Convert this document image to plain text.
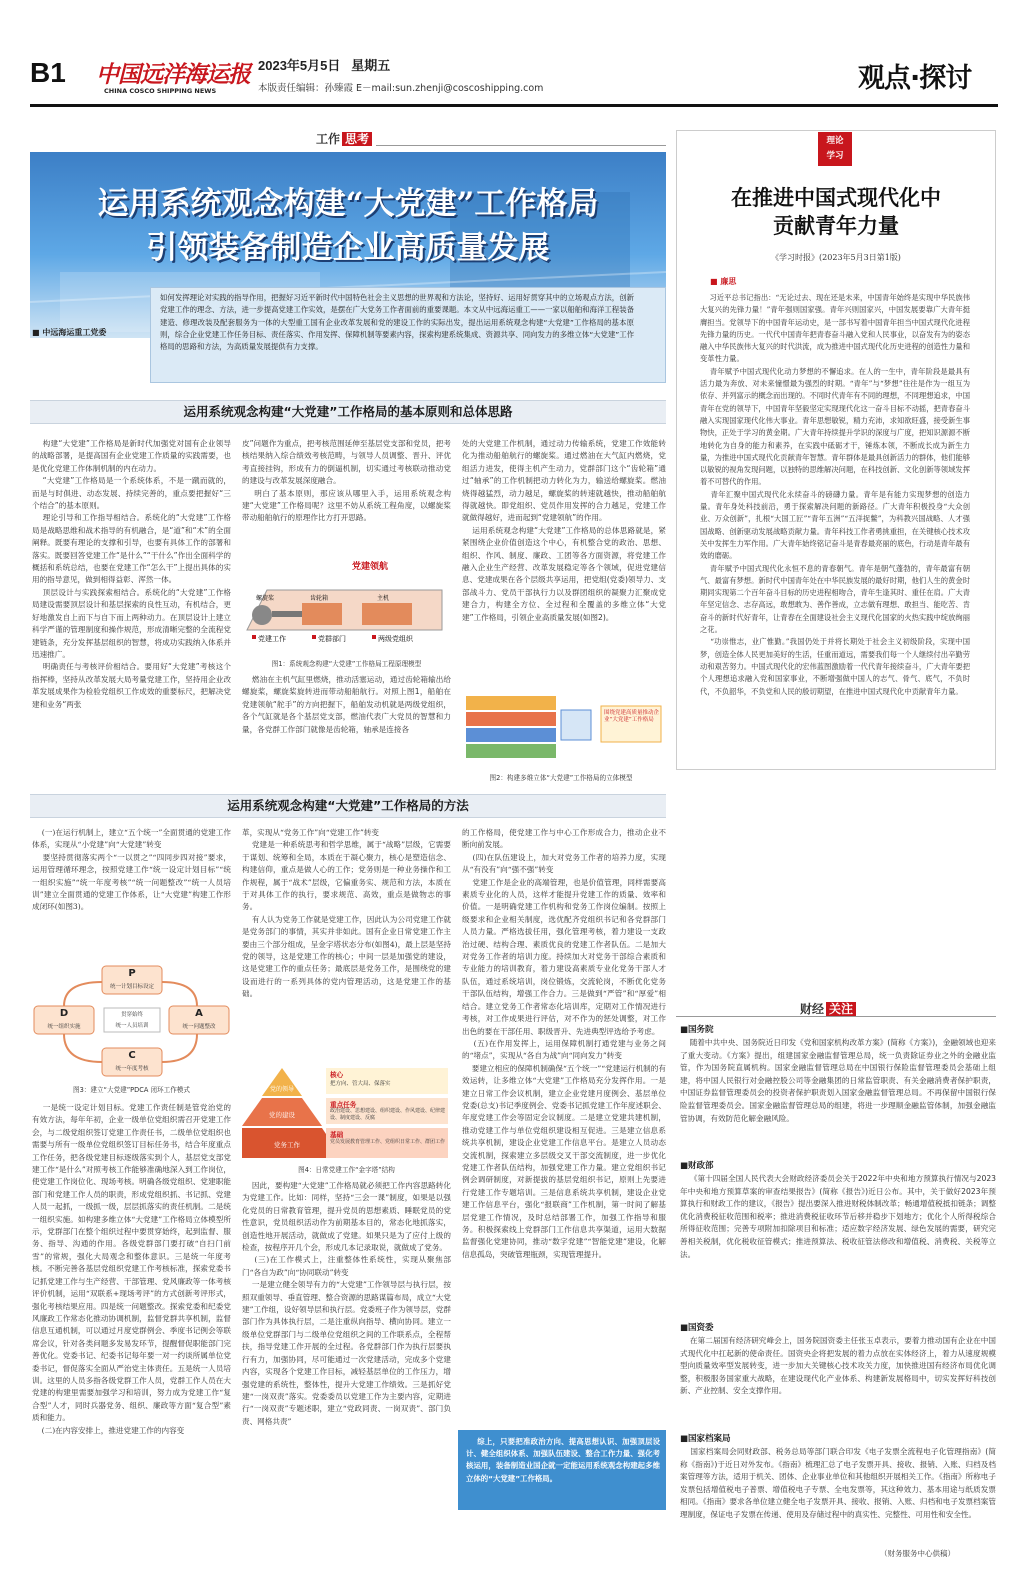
B1 中国远洋海运报
CHINA COSCO SHIPPING NEWS
2023年5月5日 星期五
本版责任编辑：孙臻霞 E－mail:sun.zhenji@coscoshipping.com	观点·探讨
工作 思考
运用系统观念构建“大党建”工作格局
引领装备制造企业高质量发展
如何发挥理论对实践的指导作用，把握好习近平新时代中国特色社会主义思想的世界观和方法论，坚持好、运用好贯穿其中的立场观点方法，创新党建工作的理念、方法，进一步提高党建工作实效，是摆在广大党务工作者面前的重要课题。本文从中远海运重工——一家以船舶和海洋工程装备建造、修理改装及配套服务为一体的大型重工国有企业改革发展和党的建设工作的实际出发，提出运用系统观念构建“大党建”工作格局的基本原则，综合企业党建工作任务目标、责任落实、作用发挥、保障机制等要素内容，探索构建系统集成、资源共享、同向发力的多维立体“大党建”工作格局的思路和方法，为高质量发展提供有力支撑。
■ 中远海运重工党委
运用系统观念构建“大党建”工作格局的基本原则和总体思路
构建“大党建”工作格局是新时代加强党对国有企业领导的战略部署，是提高国有企业党建工作质量的实践需要，也是优化党建工作体制机制的内在动力。
“大党建”工作格局是一个系统体系，不是一蹴而就的，而是与时俱进、动态发展、持续完善的，重点要把握好“三个结合”的基本原则。
理论引导和工作指导相结合。系统化的“大党建”工作格局是战略思维和战术指导的有机融合，是“道”和“术”的全面阐释。既要有理论的支撑和引导，也要有具体工作的部署和落实。既要回答党建工作“是什么”“干什么”作出全面科学的概括和系统总结，也要在党建工作“怎么干”上提出具体的实用的指导意见，做到相得益彰、浑然一体。
顶层设计与实践探索相结合。系统化的“大党建”工作格局建设需要顶层设计和基层探索的良性互动，有机结合，更好地激发自上而下与自下而上两种动力。在顶层设计上建立科学严谨的管理制度和操作规范，形成清晰完整的全流程党建链条，充分发挥基层组织的智慧，将成功实践纳入体系并迅速推广。
明确责任与考核评价相结合。要用好“大党建”考核这个指挥棒，坚持从改革发展大局考量党建工作，坚持用企业改革发展成果作为检验党组织工作成效的重要标尺，把解决党建和业务“两张
皮”问题作为重点，把考核范围延伸至基层党支部和党员，把考核结果纳入综合绩效考核范畴，与领导人员调整、晋升、评优考直接挂钩，形成有力的倒逼机制，切实通过考核联动推动党的建设与改革发展深度融合。
明白了基本原则，那应该从哪里入手，运用系统观念构建“大党建”工作格局呢？这里不妨从系统工程角度，以螺旋桨带动船舶航行的原理作比方打开思路。
党建领航
螺旋桨	齿轮箱	主机
党建工作	党群部门	两级党组织
图1：系统观念构建“大党建”工作格局工程原理模型
燃油在主机气缸里燃烧，推动活塞运动，通过齿轮箱输出给螺旋桨，螺旋桨旋转进而带动船舶航行。对照上图1，船舶在党建领航“舵手”的方向把握下，船舶发动机就是两级党组织，各个气缸就是各个基层党支部，燃油代表广大党员的智慧和力量，各党群工作部门就像是齿轮箱，轴承是连接各
处的大党建工作机制，通过动力传输系统，党建工作效能转化为推动船舶航行的螺旋桨。通过燃油在大气缸内燃烧，党组活力进发，使得主机产生动力，党群部门这个“齿轮箱”通过“轴承”的工作机制把动力转化为力，输送给螺旋桨。燃油烧得越猛烈，动力越足，螺旋桨的转速就越快，推动船舶航得就越快。即党组织、党员作用发挥的合力越足，党建工作就做得越好，进而起到“党建领航”的作用。
运用系统观念构建“大党建”工作格局的总体思路就是，紧紧围绕企业价值创造这个中心，有机整合党的政治、思想、组织、作风、制度、廉政、工团等各方面资源，将党建工作融入企业生产经营、改革发展稳定等各个领域，促进党建信息、党建成果在各个层级共享运用，把党组(党委)领导力、支部战斗力、党员干部执行力以及群团组织的凝聚力汇聚成党建合力，构建全方位、全过程和全覆盖的多维立体“大党建”工作格局，引领企业高质量发展(如图2)。
围绕党建高质量推动企业“大党建”工作格局
图2：构建多维立体“大党建”工作格局的立体模型
运用系统观念构建“大党建”工作格局的方法
(一)在运行机制上，建立“五个统一”全面贯通的党建工作体系，实现从“小党建”向“大党建”转变
要坚持贯彻落实两个“一以贯之”“四同步四对接”要求，运用管理循环理念，按照党建工作“统一设定计划目标”“统一组织实施”“统一年度考核”“统一问题整改”“统一人员培训”建立全面贯通的党建工作体系，让“大党建”构建工作形成闭环(如图3)。
P
统一计划目标设定
D
统一组织实施
A
统一问题整改
C
统一年度考核
贯穿始终
统一人员培训
图3：建立“大党建”PDCA 闭环工作模式
一是统一设定计划目标。党建工作责任制是管党治党的有效方法，每年年初，企业一级单位党组织需召开党建工作会，与二级党组织签订党建工作责任书，二级单位党组织也需要与所有一级单位党组织签订目标任务书，结合年度重点工作任务，把各级党建目标逐级落实到个人，基层党支部党建工作“是什么”对照考核工作能够准确地深入到工作岗位，使党建工作岗位化、现场考核。明确各级党组织、党建职能部门和党建工作人员的职责，形成党组织抓、书记抓、党建人员一起抓，一级抓一级，层层抓落实的责任机制。二是统一组织实施。如构建多维立体“大党建”工作格局立体模型所示，党群部门在整个组织过程中要贯穿始终，起到监督、服务、指导、沟通的作用。各级党群部门要打破“自扫门前雪”的常规，强化大局观念和整体意识。三是统一年度考核。不断完善各基层党组织党建工作考核标准，探索党委书记抓党建工作与生产经营、干部管理、党风廉政等一体考核评价机制，运用“双联系+现场考评”的方式创新考评形式，强化考核结果应用。四是统一问题整改。探索党委和纪委党风廉政工作常态化推动协调机制，监督党群共享机制，监督信息互通机制，可以通过月度党群例会、季度书记例会等联席会议，针对各类问题多发易发环节，提醒督促职能部门完善优化。党委书记、纪委书记每年要一对一约谈所属单位党委书记，督促落实全面从严治党主体责任。五是统一人员培训。这里的人员多指各级党群工作人员，党群工作人员在大党建的构建里需要加强学习和培训，努力成为党建工作“复合型”人才，同时兵器党务、组织、廉政等方面“复合型”素质和能力。
(二)在内容安排上，推进党建工作的内容变
革，实现从“党务工作”向“党建工作”转变
党建是一种系统思考和哲学思维，属于“战略”层级，它需要于谋划、统筹和全局，本质在于凝心聚力，核心是塑造信念、构建信仰，重点是做人心的工作；党务则是一种业务操作和工作规程，属于“战术”层级，它偏重务实、规范和方法，本质在于对具体工作的执行，要求规范、高效，重点是做物志的事务。
有人认为党务工作就是党建工作，因此认为公司党建工作就是党务部门的事情，其实并非如此。国有企业日常党建工作主要由三个部分组成，呈金字塔状态分布(如图4)，最上层是坚持党的领导，这是党建工作的核心；中间一层是加强党的建设，这是党建工作的重点任务；最底层是党务工作，是围绕党的建设而进行的一系列具体的党内管理活动，这是党建工作的基础。
党的领导
党的建设
党务工作
核心
把方向、管大局、保落实
重点任务
政治建设、思想建设、组织建设、作风建设、纪律建设、制度建设、反腐
基础
党员发展教育管理工作、党组织日常工作、群团工作
图4：日常党建工作“金字塔”结构
因此，要构建“大党建”工作格局就必须把工作内容思路转化为党建工作。比如：同样，坚持“三会一课”制度，如果是以强化党员的日常教育管理，提升党员的思想素质、睡眠党员的党性意识，党员组织活动作为前期基本目的，常态化地抓落实，创造性地开展活动，就做成了党建。如果只是为了应付上级的检查，按程序开几个会，形成几本记录取说，就做成了党务。
(三)在工作模式上，注重整体性系统性，实现从聚焦部门“各自为政”向“协同联动”转变
一是建立健全领导有力的“大党建”工作领导层与执行层，按照双重领导、垂直管理、整合资源的思路谋篇布局，成立“大党建”工作组，设好领导层和执行层。党委班子作为领导层，党群部门作为具体执行层，二是注重纵向指导、横向协同。建立一级单位党群部门与二级单位党组织之间的工作联系点，全程帮扶，指导党建工作开展的全过程。各党群部门作为执行层要执行有力，加强协同，尽可能通过一次党建活动，完成多个党建内容，实现各个党建工作目标，减轻基层单位的工作压力，增强党建的系统性，整体性，提升大党建工作绩效。三是抓好党建“一岗双责”落实。党委委员以党建工作为主要内容，定期进行“一岗双责”专题述职，建立“党政同责、一岗双责”、部门负责、网格共责”
的工作格局，使党建工作与中心工作形成合力，推动企业不断向前发展。
(四)在队伍建设上，加大对党务工作者的培养力度，实现从“有没有”向“强不强”转变
党建工作是企业的高端管理，也是价值管理，同样需要高素质专业化的人员，这样才能提升党建工作的质量、效率和价值。一是明确党建工作机构和党务工作岗位编制。按照上级要求和企业相关制度，选优配齐党组织书记和各党群部门人员力量。严格选拔任用，强化管理考核，着力建设一支政治过硬、结构合理、素质优良的党建工作者队伍。二是加大对党务工作者的培训力度。持续加大对党务干部综合素质和专业能力的培训教育，着力建设高素质专业化党务干部人才队伍，通过系统培训，岗位锻炼，交流轮岗，不断优化党务干部队伍结构，增强工作合力。三是做到“严管”和“厚爱”相结合。建立党务工作者常态化培训库，定期对工作情况进行考核，对工作成果进行评估，对不作为的惩处调整，对工作出色的要在干部任用、职级晋升、先进典型评选给予考虑。
(五)在作用发挥上，运用保障机制打通党建与业务之间的“堵点”，实现从“各自为战”向“同向发力”转变
要建立相应的保障机制确保“五个统一”“党建运行机制的有效运转，让多维立体“大党建”工作格局充分发挥作用。一是建立日常工作会议机制，建立企业党建月度例会、基层单位党委(总支)书记季度例会、党委书记抓党建工作年度述职会、年度党建工作会等固定会议制度。二是建立党建共建机制，推动党建工作与单位党组织建设相互促进。三是建立信息系统共享机制，建设企业党建工作信息平台。是建立人员动态交流机制，探索建立多层级交叉干部交流制度，进一步优化党建工作者队伍结构，加强党建工作力量。建立党组织书记例会调研制度，对新提拔的基层党组织书记，原则上先要进行党建工作专题培训。三是信息系统共享机制，建设企业党建工作信息平台，强化“报联商”工作机制，第一时间了解基层党建工作情况，及时总结部署工作，加强工作指导和服务。积极探索线上党群部门工作信息共享渠道，运用大数据监督强化党建协同，推动“数字党建”“智能党建”建设，化解信息孤岛，突破管理瓶颈，实现管理提升。
综上，只要把准政治方向、提高思想认识、加强顶层设计、健全组织体系、加强队伍建设、整合工作力量、强化考核运用，装备制造业国企就一定能运用系统观念构建起多维立体的“大党建”工作格局。
理论
学习
在推进中国式现代化中
贡献青年力量
《学习时报》(2023年5月3日第1版)
■ 廉思
习近平总书记指出：“无论过去、现在还是未来，中国青年始终是实现中华民族伟大复兴的先锋力量！”青年强则国家强。青年兴则国家兴，中国发展要靠广大青年挺膺担当。党领导下的中国青年运动史，是一部书写着中国青年担当中国式现代化进程先锋力量的历史。一代代中国青年把青春奋斗融入党和人民事业，以奋发有为的姿态融入中华民族伟大复兴的时代洪流，成为推进中国式现代化历史进程的创造性力量和变革性力量。
青年赋予中国式现代化动力梦想的不懈追求。在人的一生中，青年阶段是最具有活力最为奔放、对未来憧憬最为强烈的时期。“青年”与“梦想”往往是作为一组互为依存、并列富示的概念而出现的。不同时代青年有不同的理想，不同理想追求，中国青年在党的领导下，中国青年坚毅坚定实现现代化这一奋斗目标不动摇，把青春奋斗融入实现国家现代化伟大事业。青年思想敏锐，精力充沛，求知欲旺盛，接受新生事物快，正处于学习的黄金期。广大青年持续提升学识的深度与广度，把知识源源不断地转化为自身的能力和素养，在实践中砥砺才干，锤炼本领，不断成长成为新生力量，为推进中国式现代化贡献青年智慧。青年群体是最具创新活力的群体，他们能够以敏锐的视角发现问题，以独特的思维解决问题，在科技创新、文化创新等领域发挥着不可替代的作用。
青年汇聚中国式现代化永续奋斗的磅礴力量。青年是有能力实现梦想的创造力量。青年身处科技前沿，勇于探索解决问题的新路径。广大青年积极投身“大众创业、万众创新”，扎根“大国工匠”“青年五洲”“五洋捉鳖”，为科教兴国战略、人才强国战略、创新驱动发展战略贡献力量。青年科技工作者勇挑重担，在关键核心技术攻关中发挥生力军作用。广大青年始终铭记奋斗是青春最亮丽的底色，行动是青年最有效的磨砺。
青年赋予中国式现代化永恒不息的青春朝气。青年是朝气蓬勃的，青年最富有朝气、最富有梦想。新时代中国青年处在中华民族发展的最好时期，他们人生的黄金时期同实现第二个百年奋斗目标的历史进程相吻合，青年生逢其时、重任在肩。广大青年坚定信念、志存高远，敢想敢为、善作善成，立志做有理想、敢担当、能吃苦、肯奋斗的新时代好青年，让青春在全面建设社会主义现代化国家的火热实践中绽放绚丽之花。
“功崇惟志，业广惟勤。”我国仍处于并将长期处于社会主义初级阶段，实现中国梦，创造全体人民更加美好的生活，任重而道远，需要我们每一个人继续付出辛勤劳动和艰苦努力。中国式现代化的宏伟蓝图激励着一代代青年接续奋斗，广大青年要把个人理想追求融入党和国家事业，不断增强做中国人的志气、骨气、底气，不负时代，不负韶华，不负党和人民的殷切期望，在推进中国式现代化中贡献青年力量。
财经 关注
■国务院
随着中共中央、国务院近日印发《党和国家机构改革方案》(简称《方案》)，金融领域也迎来了重大变动。《方案》提出，组建国家金融监督管理总局，统一负责除证券业之外的金融业监管，作为国务院直属机构。国家金融监督管理总局在中国银行保险监督管理委员会基础上组建，将中国人民银行对金融控股公司等金融集团的日常监管职责、有关金融消费者保护职责，中国证券监督管理委员会的投资者保护职责划入国家金融监督管理总局。不再保留中国银行保险监督管理委员会。国家金融监督管理总局的组建，将进一步理顺金融监管体制，加强金融监管协调，有效防范化解金融风险。
■财政部
《第十四届全国人民代表大会财政经济委员会关于2022年中央和地方预算执行情况与2023年中央和地方预算草案的审查结果报告》(简称《报告》)近日公布。其中，关于做好2023年预算执行和财政工作的建议，《报告》提出要深入推进财税体制改革；畅通增值税抵扣链条；调整优化消费税征收范围和税率；推进消费税征收环节后移并稳步下划地方；优化个人所得税综合所得征收范围；完善专项附加扣除项目和标准；适应数字经济发展、绿色发展的需要，研究完善相关税制，优化税收征管模式；推进预算法、税收征管法修改和增值税、消费税、关税等立法。
■国资委
在第二届国有经济研究峰会上，国务院国资委主任张玉卓表示，要着力推动国有企业在中国式现代化中扛起新的使命责任。国资央企将把发展的着力点放在实体经济上，着力从速度规模型向质量效率型发展转变，进一步加大关键核心技术攻关力度，加快推进国有经济布局优化调整，积极服务国家重大战略，在建设现代化产业体系、构建新发展格局中，切实发挥好科技创新、产业控制、安全支撑作用。
■国家档案局
国家档案局会同财政部、税务总局等部门联合印发《电子发票全流程电子化管理指南》(简称《指南》)于近日对外发布。《指南》梳理汇总了电子发票开具、接收、报销、入账、归档及档案管理等方法，适用于机关、团体、企业事业单位和其他组织开展相关工作。《指南》所称电子发票包括增值税电子普票、增值税电子专票、全电发票等，其这种效力、基本用途与纸质发票相同。《指南》要求各单位建立健全电子发票开具、接收、报销、入账、归档和电子发票档案管理制度，保证电子发票在传递、使用及存储过程中的真实性、完整性、可用性和安全性。
（财务服务中心供稿）
